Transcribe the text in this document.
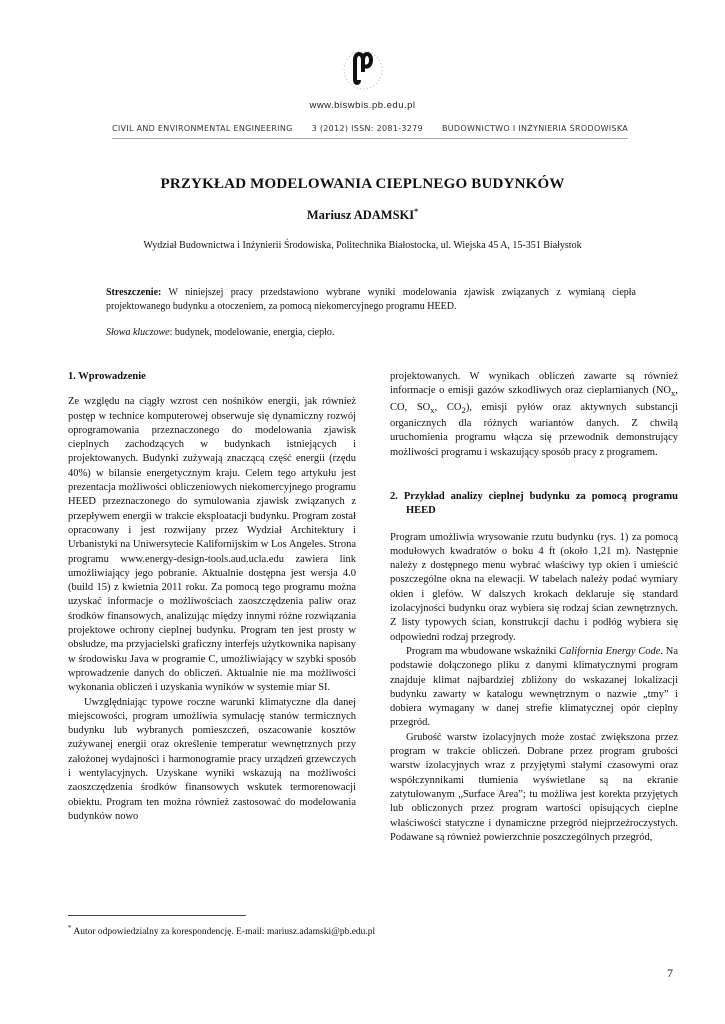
www.biswbis.pb.edu.pl
CIVIL AND ENVIRONMENTAL ENGINEERING 3 (2012) ISSN: 2081-3279 BUDOWNICTWO I INŻYNIERIA ŚRODOWISKA
PRZYKŁAD MODELOWANIA CIEPLNEGO BUDYNKÓW
Mariusz ADAMSKI*
Wydział Budownictwa i Inżynierii Środowiska, Politechnika Białostocka, ul. Wiejska 45 A, 15-351 Białystok
Streszczenie: W niniejszej pracy przedstawiono wybrane wyniki modelowania zjawisk związanych z wymianą ciepła projektowanego budynku a otoczeniem, za pomocą niekomercyjnego programu HEED.
Słowa kluczowe: budynek, modelowanie, energia, ciepło.

1. Wprowadzenie

Ze względu na ciągły wzrost cen nośników energii, jak również postęp w technice komputerowej obserwuje się dynamiczny rozwój oprogramowania przeznaczonego do modelowania zjawisk cieplnych zachodzących w budynkach istniejących i projektowanych. Budynki zużywają znaczącą część energii (rzędu 40%) w bilansie energetycznym kraju. Celem tego artykułu jest prezentacja możliwości obliczeniowych niekomercyjnego programu HEED przeznaczonego do symulowania zjawisk związanych z przepływem energii w trakcie eksploatacji budynku. Program został opracowany i jest rozwijany przez Wydział Architektury i Urbanistyki na Uniwersytecie Kalifornijskim w Los Angeles. Strona programu www.energy-design-tools.aud.ucla.edu zawiera link umożliwiający jego pobranie. Aktualnie dostępna jest wersja 4.0 (build 15) z kwietnia 2011 roku. Za pomocą tego programu można uzyskać informacje o możliwościach zaoszczędzenia paliw oraz środków finansowych, analizując między innymi różne rozwiązania projektowe ochrony cieplnej budynku. Program ten jest prosty w obsłudze, ma przyjacielski graficzny interfejs użytkownika napisany w środowisku Java w programie C, umożliwiający w szybki sposób wprowadzenie danych do obliczeń. Aktualnie nie ma możliwości wykonania obliczeń i uzyskania wyników w systemie miar SI.

Uwzględniając typowe roczne warunki klimatyczne dla danej miejscowości, program umożliwia symulację stanów termicznych budynku lub wybranych pomieszczeń, oszacowanie kosztów zużywanej energii oraz określenie temperatur wewnętrznych przy założonej wydajności i harmonogramie pracy urządzeń grzewczych i wentylacyjnych. Uzyskane wyniki wskazują na możliwości zaoszczędzenia środków finansowych wskutek termorenowacji obiektu. Program ten można również zastosować do modelowania budynków nowo

projektowanych. W wynikach obliczeń zawarte są również informacje o emisji gazów szkodliwych oraz cieplarnianych ($NO_x$, CO, $SO_x$, $CO_2$), emisji pyłów oraz aktywnych substancji organicznych dla różnych wariantów danych. Z chwilą uruchomienia programu włącza się przewodnik demonstrujący możliwości programu i wskazujący sposób pracy z programem.

2. Przykład analizy cieplnej budynku za pomocą programu HEED

Program umożliwia wrysowanie rzutu budynku (rys. 1) za pomocą modułowych kwadratów o boku 4 ft (około 1,21 m). Następnie należy z dostępnego menu wybrać właściwy typ okien i umieścić poszczególne okna na elewacji. W tabelach należy podać wymiary okien i glefów. W dalszych krokach deklaruje się standard izolacyjności budynku oraz wybiera się rodzaj ścian zewnętrznych. Z listy typowych ścian, konstrukcji dachu i podłóg wybiera się odpowiedni rodzaj przegrody.

Program ma wbudowane wskaźniki California Energy Code. Na podstawie dołączonego pliku z danymi klimatycznymi program znajduje klimat najbardziej zbliżony do wskazanej lokalizacji budynku zawarty w katalogu wewnętrznym o nazwie „tmy” i dobiera wymagany w danej strefie klimatycznej opór cieplny przegród.

Grubość warstw izolacyjnych może zostać zwiększona przez program w trakcie obliczeń. Dobrane przez program grubości warstw izolacyjnych wraz z przyjętymi stałymi czasowymi oraz współczynnikami tłumienia wyświetlane są na ekranie zatytułowanym „Surface Area”; tu możliwa jest korekta przyjętych lub obliczonych przez program wartości opisujących cieplne właściwości statyczne i dynamiczne przegród niejprzeźroczystych. Podawane są również powierzchnie poszczególnych przegród,

* Autor odpowiedzialny za korespondencję. E-mail: mariusz.adamski@pb.edu.pl
7
